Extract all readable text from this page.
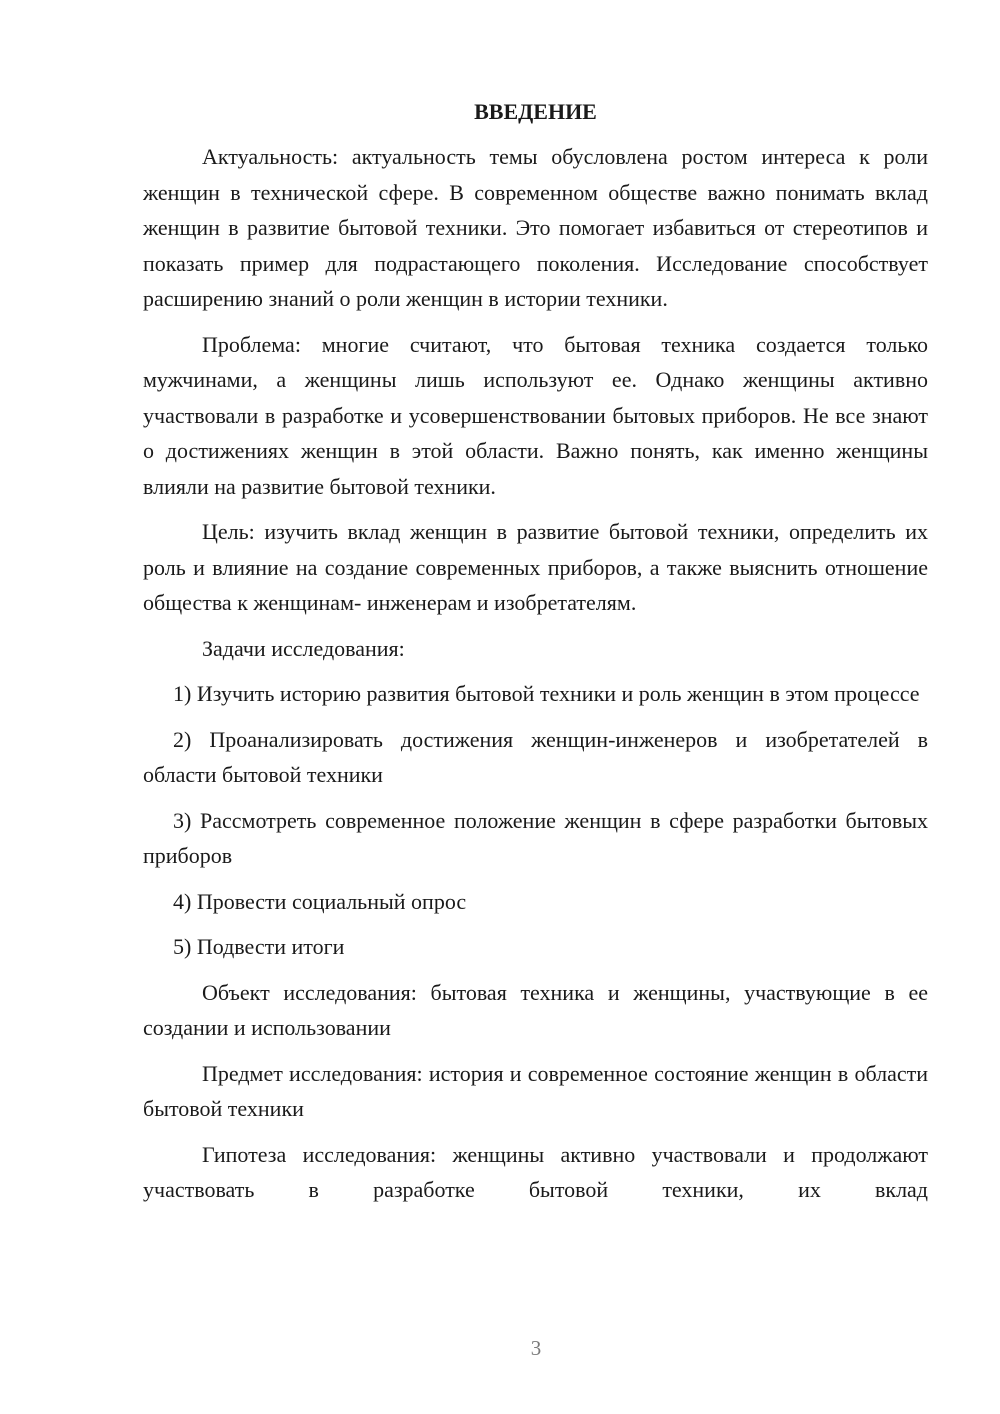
ВВЕДЕНИЕ

Актуальность: актуальность темы обусловлена ростом интереса к роли женщин в технической сфере. В современном обществе важно понимать вклад женщин в развитие бытовой техники. Это помогает избавиться от стереотипов и показать пример для подрастающего поколения. Исследование способствует расширению знаний о роли женщин в истории техники.

Проблема: многие считают, что бытовая техника создается только мужчинами, а женщины лишь используют ее. Однако женщины активно участвовали в разработке и усовершенствовании бытовых приборов. Не все знают о достижениях женщин в этой области. Важно понять, как именно женщины влияли на развитие бытовой техники.

Цель: изучить вклад женщин в развитие бытовой техники, определить их роль и влияние на создание современных приборов, а также выяснить отношение общества к женщинам- инженерам и изобретателям.

Задачи исследования:

1) Изучить историю развития бытовой техники и роль женщин в этом процессе

2) Проанализировать достижения женщин-инженеров и изобретателей в области бытовой техники

3) Рассмотреть современное положение женщин в сфере разработки бытовых приборов

4) Провести социальный опрос

5) Подвести итоги

Объект исследования: бытовая техника и женщины, участвующие в ее создании и использовании

Предмет исследования: история и современное состояние женщин в области бытовой техники

Гипотеза исследования: женщины активно участвовали и продолжают участвовать в разработке бытовой техники, их вклад

3
